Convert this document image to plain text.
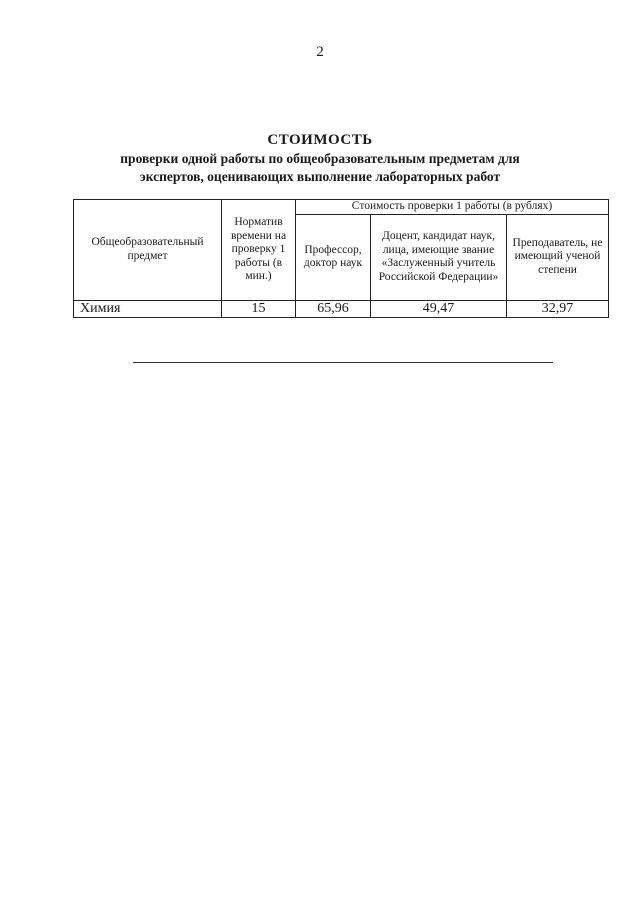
2
СТОИМОСТЬ
проверки одной работы по общеобразовательным предметам для
экспертов, оценивающих выполнение лабораторных работ
Общеобразовательный предмет	Норматив времени на проверку 1 работы (в мин.)	Стоимость проверки 1 работы (в рублях)		
		Профессор, доктор наук	Доцент, кандидат наук, лица, имеющие звание «Заслуженный учитель Российской Федерации»	Преподаватель, не имеющий ученой степени
Химия	15	65,96	49,47	32,97
